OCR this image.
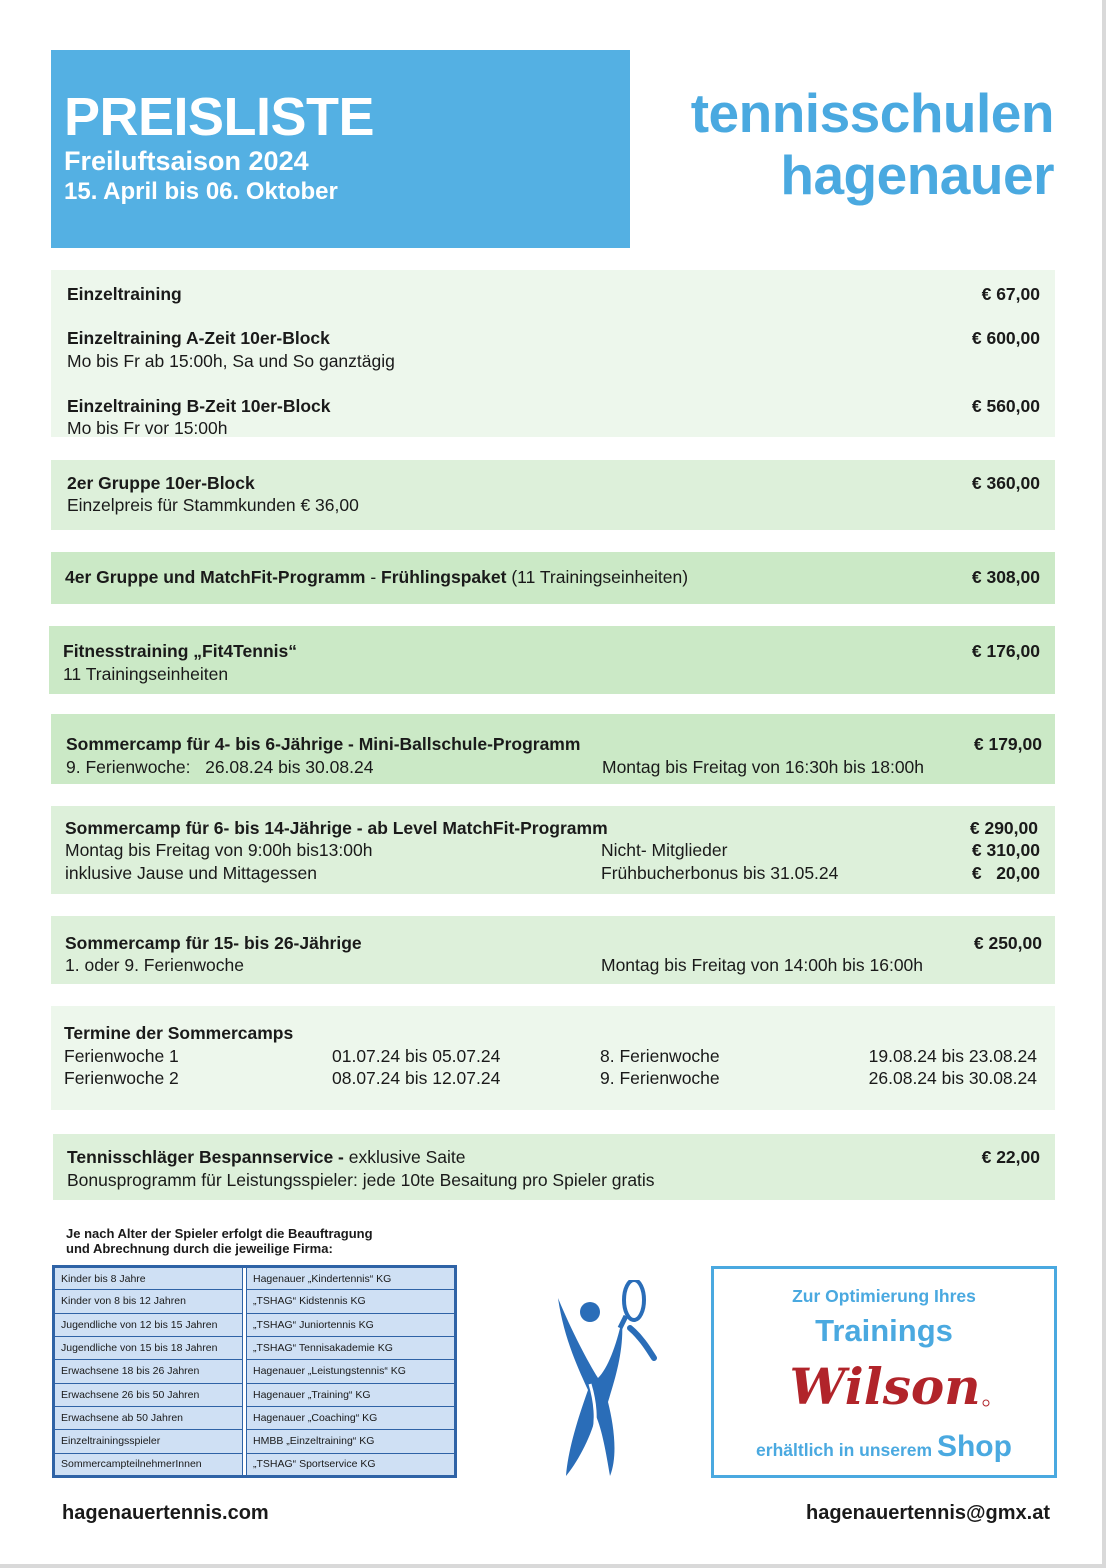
PREISLISTE
Freiluftsaison 2024
15. April bis 06. Oktober
tennisschulen
hagenauer
Einzeltraining	€ 67,00
Einzeltraining A-Zeit 10er-Block	€ 600,00
Mo bis Fr ab 15:00h, Sa und So ganztägig
Einzeltraining B-Zeit 10er-Block	€ 560,00
Mo bis Fr vor 15:00h
2er Gruppe 10er-Block	€ 360,00
Einzelpreis für Stammkunden € 36,00
4er Gruppe und MatchFit-Programm - Frühlingspaket (11 Trainingseinheiten)	€ 308,00
Fitnesstraining „Fit4Tennis“	€ 176,00
11 Trainingseinheiten
Sommercamp für 4- bis 6-Jährige - Mini-Ballschule-Programm	€ 179,00
9. Ferienwoche:   26.08.24 bis 30.08.24	Montag bis Freitag von 16:30h bis 18:00h
Sommercamp für 6- bis 14-Jährige - ab Level MatchFit-Programm	€ 290,00
Montag bis Freitag von 9:00h bis13:00h	Nicht- Mitglieder	€ 310,00
inklusive Jause und Mittagessen	Frühbucherbonus bis 31.05.24	€   20,00
Sommercamp für 15- bis 26-Jährige	€ 250,00
1. oder 9. Ferienwoche	Montag bis Freitag von 14:00h bis 16:00h
Termine der Sommercamps
Ferienwoche 1	01.07.24 bis 05.07.24	8. Ferienwoche	19.08.24 bis 23.08.24
Ferienwoche 2	08.07.24 bis 12.07.24	9. Ferienwoche	26.08.24 bis 30.08.24
Tennisschläger Bespannservice - exklusive Saite	€ 22,00
Bonusprogramm für Leistungsspieler: jede 10te Besaitung pro Spieler gratis
Je nach Alter der Spieler erfolgt die Beauftragung
und Abrechnung durch die jeweilige Firma:
Kinder bis 8 Jahre		Hagenauer „Kindertennis“ KG
Kinder von 8 bis 12 Jahren		„TSHAG“ Kidstennis KG
Jugendliche von 12 bis 15 Jahren		„TSHAG“ Juniortennis KG
Jugendliche von 15 bis 18 Jahren		„TSHAG“ Tennisakademie KG
Erwachsene 18 bis 26 Jahren		Hagenauer „Leistungstennis“ KG
Erwachsene 26 bis 50 Jahren		Hagenauer „Training“ KG
Erwachsene ab 50 Jahren		Hagenauer „Coaching“ KG
Einzeltrainingsspieler		HMBB „Einzeltraining“ KG
SommercampteilnehmerInnen		„TSHAG“ Sportservice KG
Zur Optimierung Ihres
Trainings
Wilson
erhältlich in unserem Shop
hagenauertennis.com	hagenauertennis@gmx.at
